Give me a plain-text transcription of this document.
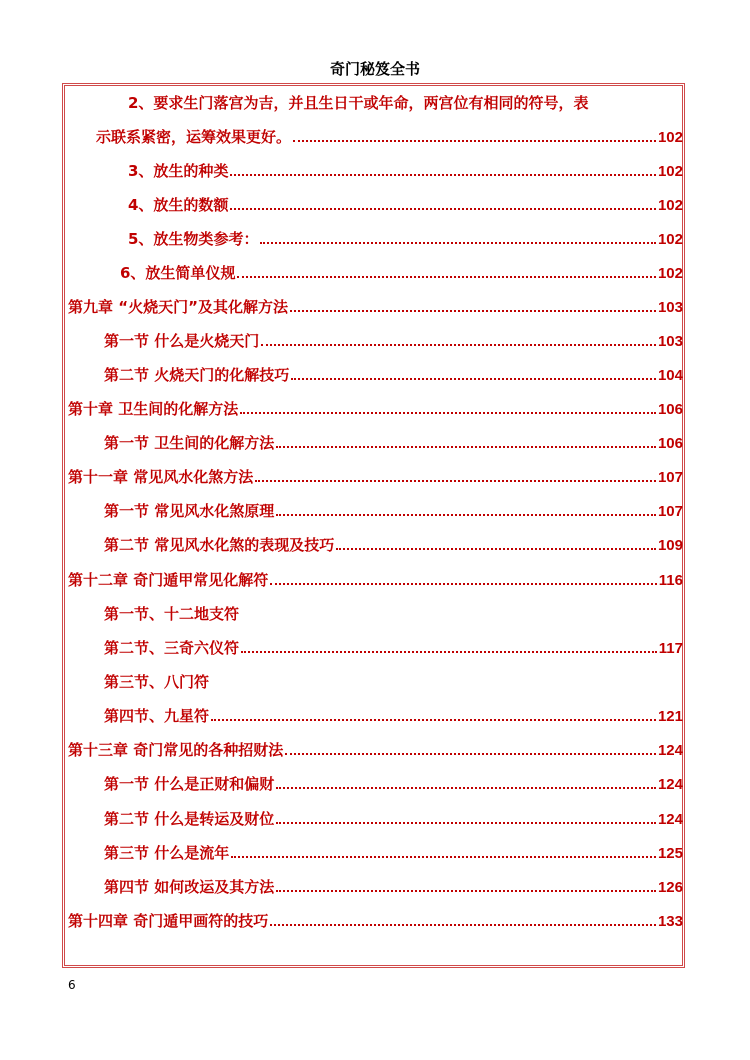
奇门秘笈全书
2、要求生门落宫为吉，并且生日干或年命，两宫位有相同的符号，表
示联系紧密，运筹效果更好。	102
3、放生的种类	102
4、放生的数额	102
5、放生物类参考：	102
6、放生简单仪规	102
第九章 “火烧天门”及其化解方法	103
第一节 什么是火烧天门	103
第二节 火烧天门的化解技巧	104
第十章 卫生间的化解方法	106
第一节 卫生间的化解方法	106
第十一章 常见风水化煞方法	107
第一节 常见风水化煞原理	107
第二节 常见风水化煞的表现及技巧	109
第十二章 奇门遁甲常见化解符	116
第一节、十二地支符
第二节、三奇六仪符	117
第三节、八门符
第四节、九星符	121
第十三章 奇门常见的各种招财法	124
第一节 什么是正财和偏财	124
第二节 什么是转运及财位	124
第三节 什么是流年	125
第四节 如何改运及其方法	126
第十四章 奇门遁甲画符的技巧	133
6
